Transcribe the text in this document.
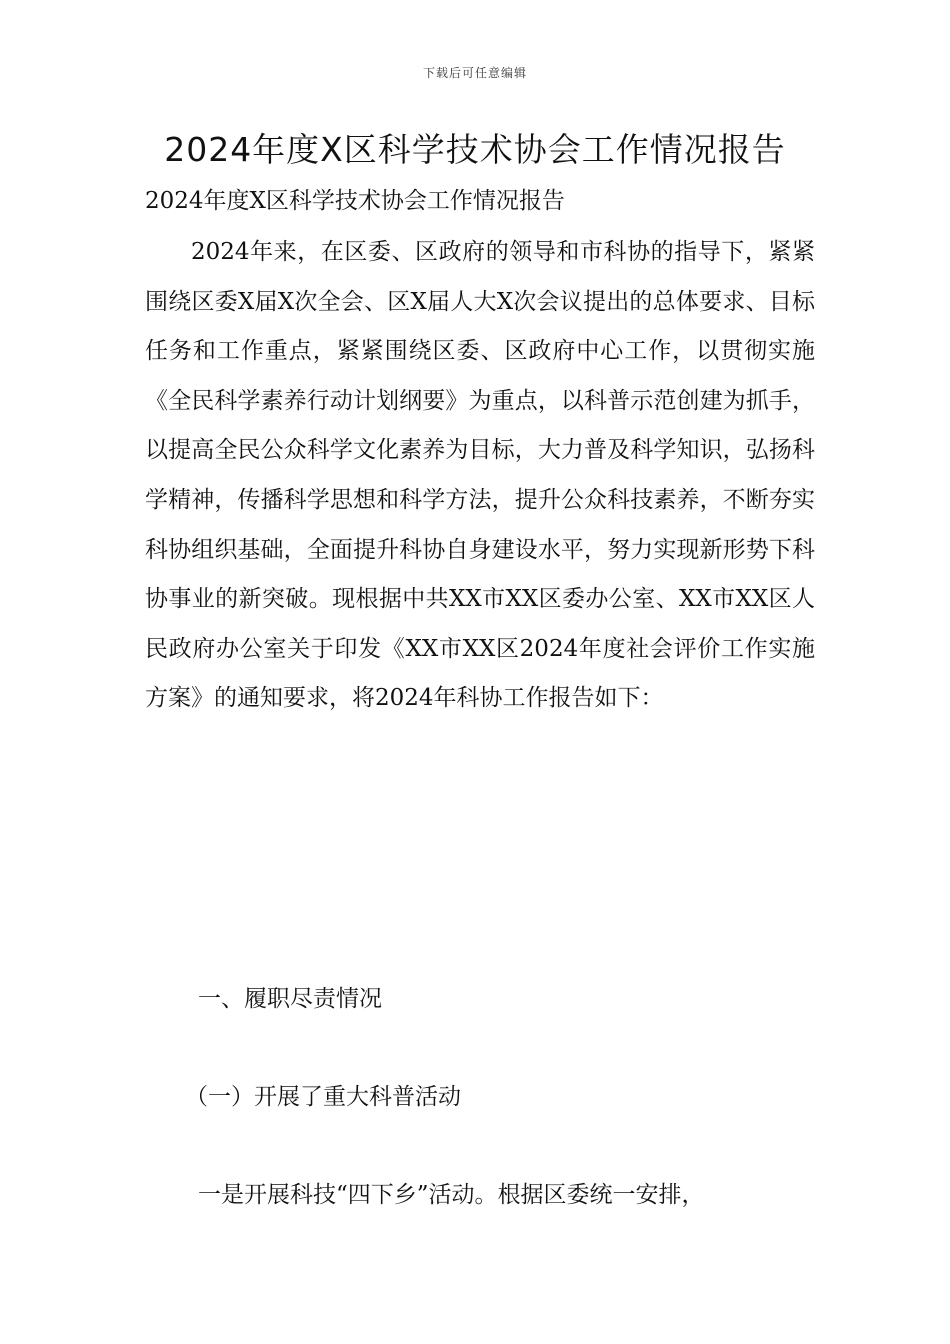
下载后可任意编辑
2024年度X区科学技术协会工作情况报告

2024年度X区科学技术协会工作情况报告

2024年来，在区委、区政府的领导和市科协的指导下，紧紧围绕区委X届X次全会、区X届人大X次会议提出的总体要求、目标任务和工作重点，紧紧围绕区委、区政府中心工作，以贯彻实施《全民科学素养行动计划纲要》为重点，以科普示范创建为抓手，以提高全民公众科学文化素养为目标，大力普及科学知识，弘扬科学精神，传播科学思想和科学方法，提升公众科技素养，不断夯实科协组织基础，全面提升科协自身建设水平，努力实现新形势下科协事业的新突破。现根据中共XX市XX区委办公室、XX市XX区人民政府办公室关于印发《XX市XX区2024年度社会评价工作实施方案》的通知要求，将2024年科协工作报告如下：

一、履职尽责情况

（一）开展了重大科普活动

一是开展科技“四下乡”活动。根据区委统一安排，
